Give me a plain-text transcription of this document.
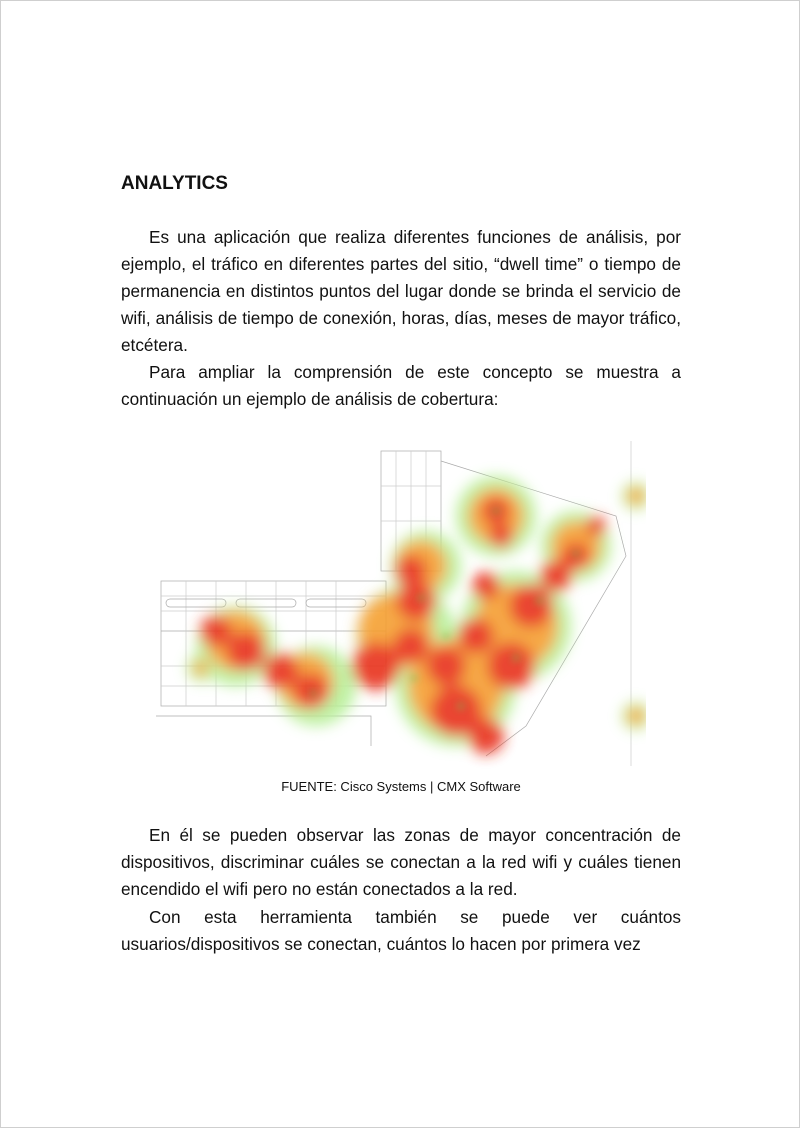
ANALYTICS

Es una aplicación que realiza diferentes funciones de análisis, por ejemplo, el tráfico en diferentes partes del sitio, “dwell time” o tiempo de permanencia en distintos puntos del lugar donde se brinda el servicio de wifi, análisis de tiempo de conexión, horas, días, meses de mayor tráfico, etcétera.

Para ampliar la comprensión de este concepto se muestra a continuación un ejemplo de análisis de cobertura:

FUENTE: Cisco Systems | CMX Software

En él se pueden observar las zonas de mayor concentración de dispositivos, discriminar cuáles se conectan a la red wifi y cuáles tienen encendido el wifi pero no están conectados a la red.

Con esta herramienta también se puede ver cuántos usuarios/dispositivos se conectan, cuántos lo hacen por primera vez
